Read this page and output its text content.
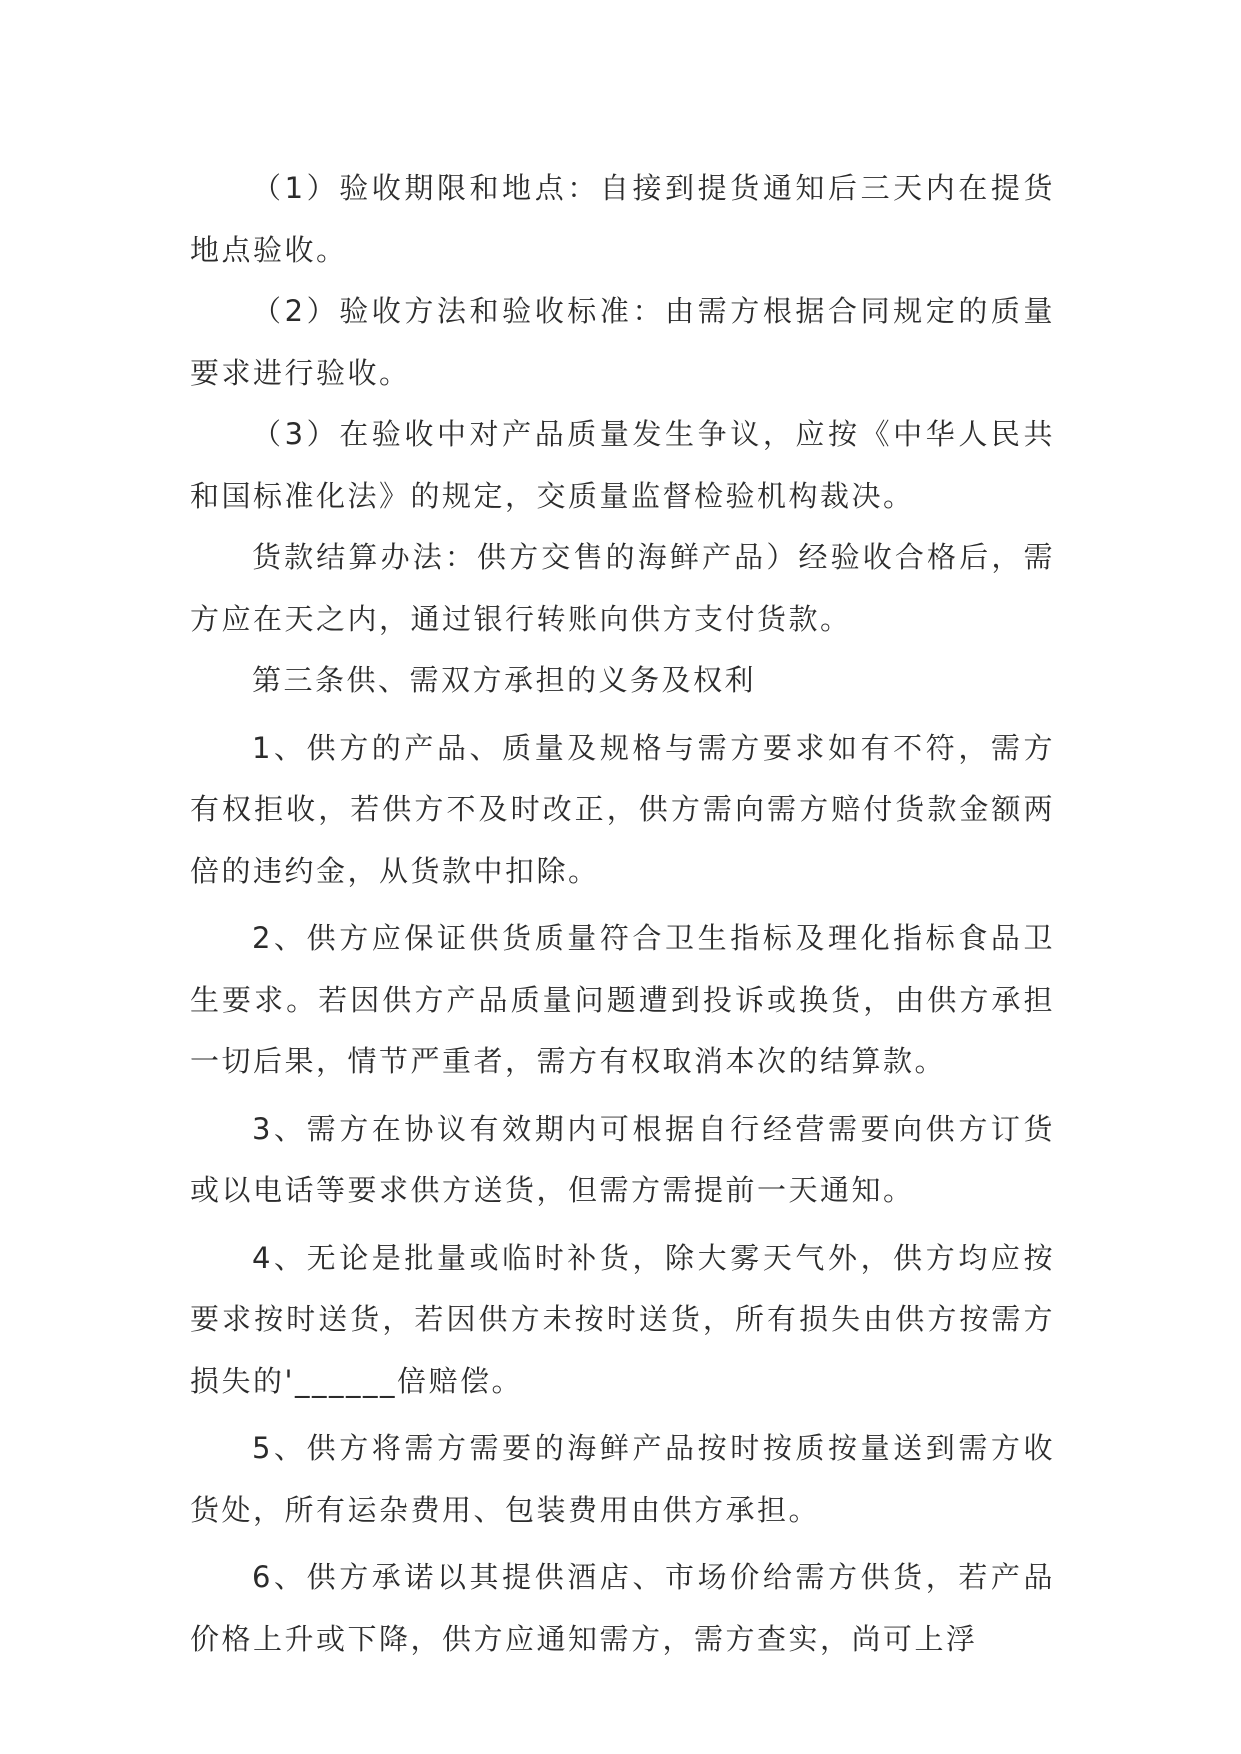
（1）验收期限和地点：自接到提货通知后三天内在提货地点验收。

（2）验收方法和验收标准：由需方根据合同规定的质量要求进行验收。

（3）在验收中对产品质量发生争议，应按《中华人民共和国标准化法》的规定，交质量监督检验机构裁决。

货款结算办法：供方交售的海鲜产品）经验收合格后，需方应在天之内，通过银行转账向供方支付货款。

第三条供、需双方承担的义务及权利

1、供方的产品、质量及规格与需方要求如有不符，需方有权拒收，若供方不及时改正，供方需向需方赔付货款金额两倍的违约金，从货款中扣除。

2、供方应保证供货质量符合卫生指标及理化指标食品卫生要求。若因供方产品质量问题遭到投诉或换货，由供方承担一切后果，情节严重者，需方有权取消本次的结算款。

3、需方在协议有效期内可根据自行经营需要向供方订货或以电话等要求供方送货，但需方需提前一天通知。

4、无论是批量或临时补货，除大雾天气外，供方均应按要求按时送货，若因供方未按时送货，所有损失由供方按需方损失的'______倍赔偿。

5、供方将需方需要的海鲜产品按时按质按量送到需方收货处，所有运杂费用、包装费用由供方承担。

6、供方承诺以其提供酒店、市场价给需方供货，若产品价格上升或下降，供方应通知需方，需方查实，尚可上浮
